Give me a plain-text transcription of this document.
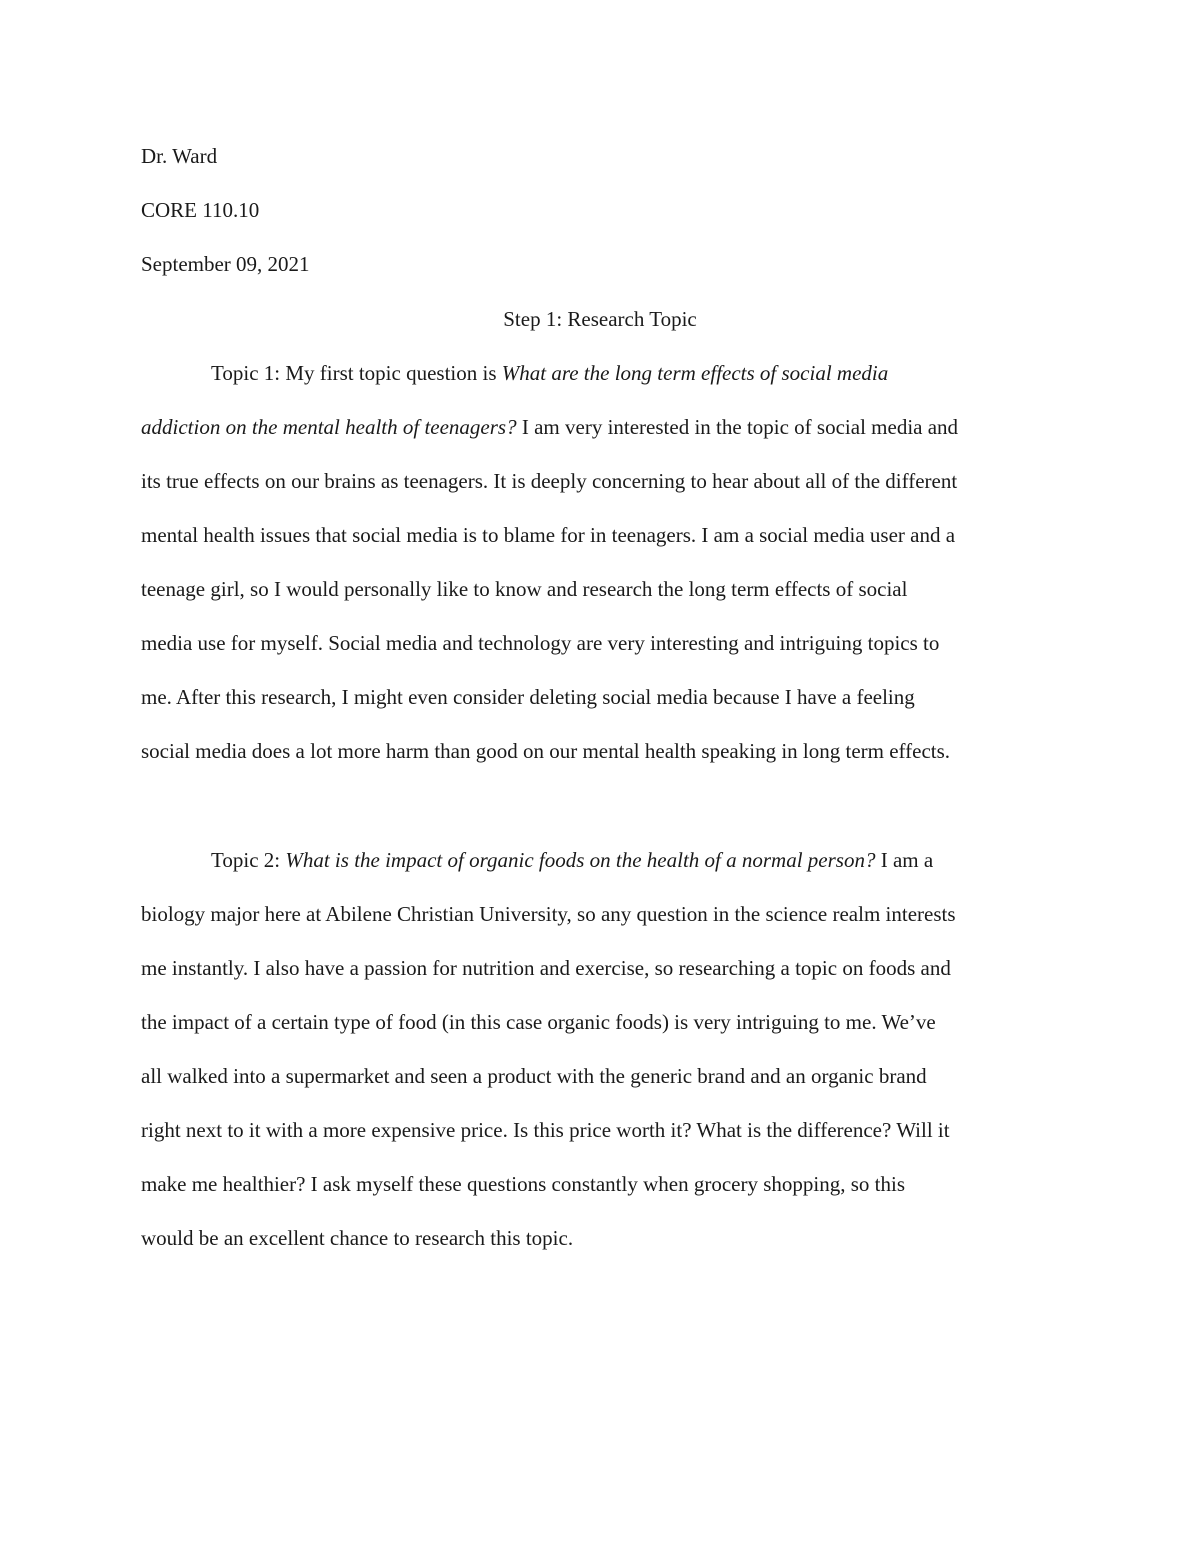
Dr. Ward
CORE 110.10
September 09, 2021
Step 1: Research Topic
Topic 1: My first topic question is What are the long term effects of social media
addiction on the mental health of teenagers? I am very interested in the topic of social media and
its true effects on our brains as teenagers. It is deeply concerning to hear about all of the different
mental health issues that social media is to blame for in teenagers. I am a social media user and a
teenage girl, so I would personally like to know and research the long term effects of social
media use for myself. Social media and technology are very interesting and intriguing topics to
me. After this research, I might even consider deleting social media because I have a feeling
social media does a lot more harm than good on our mental health speaking in long term effects.
Topic 2: What is the impact of organic foods on the health of a normal person? I am a
biology major here at Abilene Christian University, so any question in the science realm interests
me instantly. I also have a passion for nutrition and exercise, so researching a topic on foods and
the impact of a certain type of food (in this case organic foods) is very intriguing to me. We’ve
all walked into a supermarket and seen a product with the generic brand and an organic brand
right next to it with a more expensive price. Is this price worth it? What is the difference? Will it
make me healthier? I ask myself these questions constantly when grocery shopping, so this
would be an excellent chance to research this topic.
